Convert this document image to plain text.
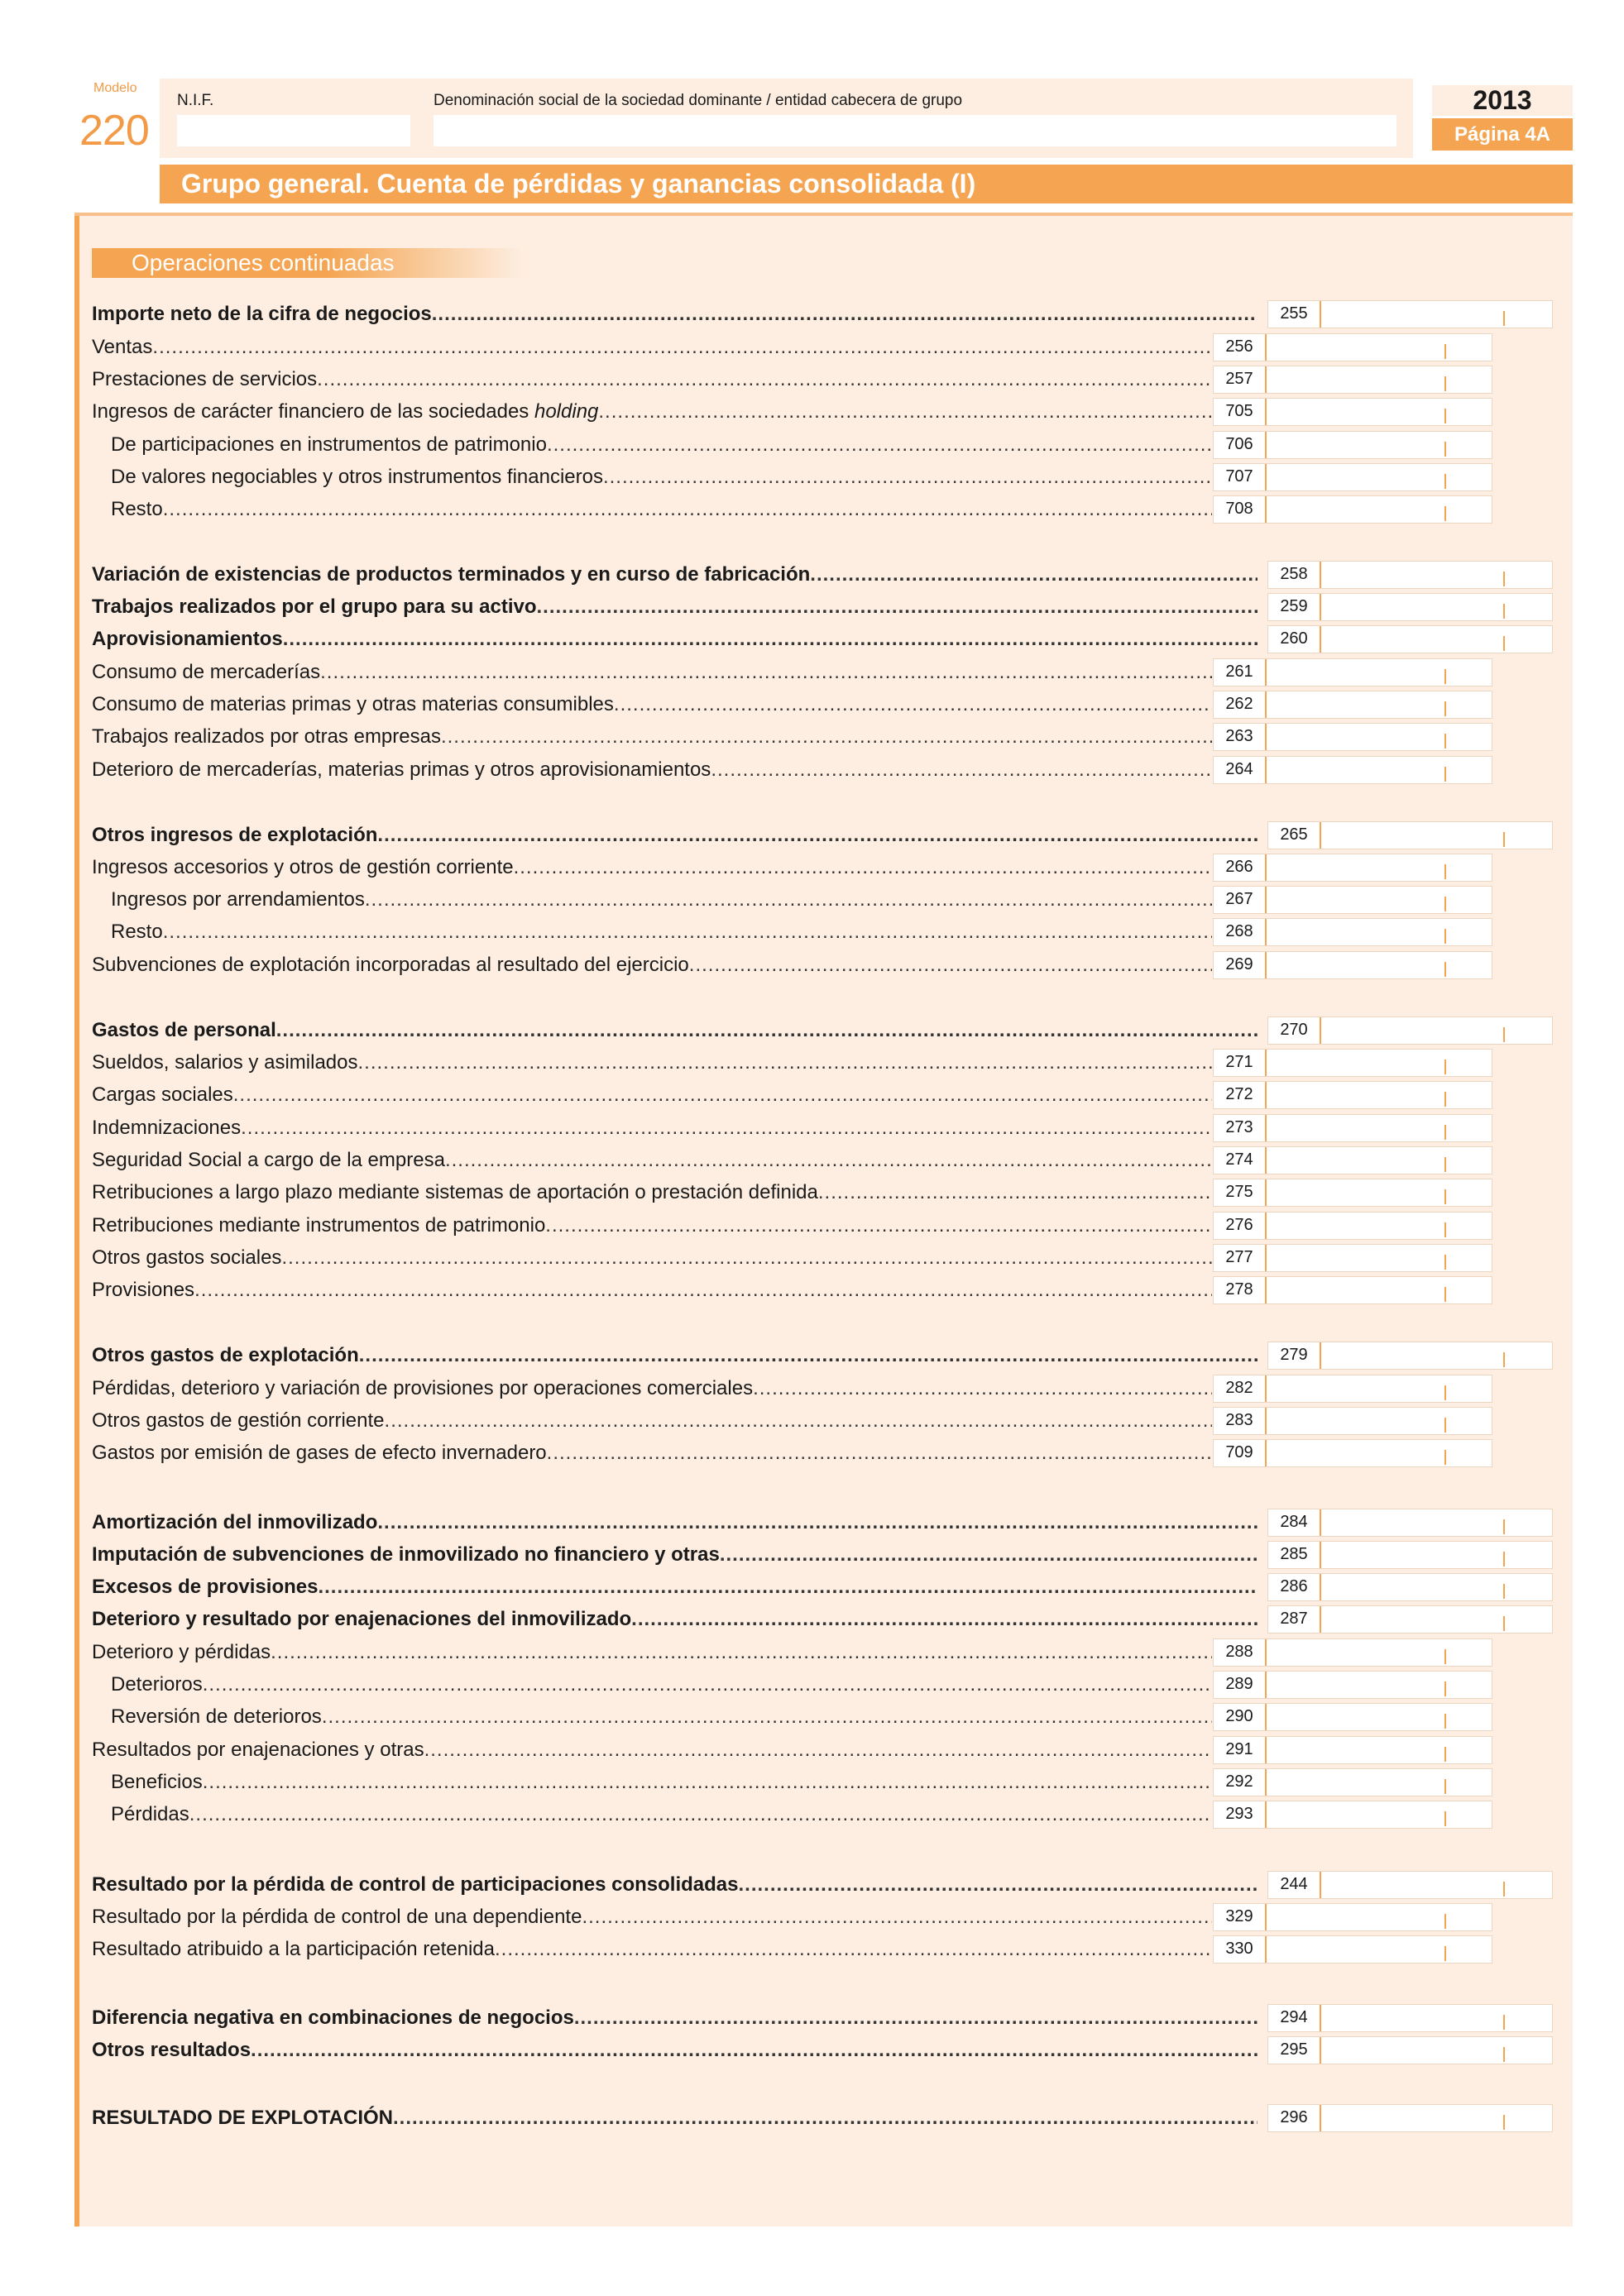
Modelo
220
N.I.F.	Denominación social de la sociedad dominante / entidad cabecera de grupo	2013
Página 4A
Grupo general. Cuenta de pérdidas y ganancias consolidada (I)
Operaciones continuadas
Importe neto de la cifra de negocios .....	255
Ventas .....	256
Prestaciones de servicios .....	257
Ingresos de carácter financiero de las sociedades holding .....	705
De participaciones en instrumentos de patrimonio .....	706
De valores negociables y otros instrumentos financieros .....	707
Resto .....	708
Variación de existencias de productos terminados y en curso de fabricación .....	258
Trabajos realizados por el grupo para su activo .....	259
Aprovisionamientos .....	260
Consumo de mercaderías .....	261
Consumo de materias primas y otras materias consumibles .....	262
Trabajos realizados por otras empresas .....	263
Deterioro de mercaderías, materias primas y otros aprovisionamientos .....	264
Otros ingresos de explotación .....	265
Ingresos accesorios y otros de gestión corriente .....	266
Ingresos por arrendamientos .....	267
Resto .....	268
Subvenciones de explotación incorporadas al resultado del ejercicio .....	269
Gastos de personal .....	270
Sueldos, salarios y asimilados .....	271
Cargas sociales .....	272
Indemnizaciones .....	273
Seguridad Social a cargo de la empresa .....	274
Retribuciones a largo plazo mediante sistemas de aportación o prestación definida .....	275
Retribuciones mediante instrumentos de patrimonio .....	276
Otros gastos sociales .....	277
Provisiones .....	278
Otros gastos de explotación .....	279
Pérdidas, deterioro y variación de provisiones por operaciones comerciales .....	282
Otros gastos de gestión corriente .....	283
Gastos por emisión de gases de efecto invernadero .....	709
Amortización del inmovilizado .....	284
Imputación de subvenciones de inmovilizado no financiero y otras .....	285
Excesos de provisiones .....	286
Deterioro y resultado por enajenaciones del inmovilizado .....	287
Deterioro y pérdidas .....	288
Deterioros .....	289
Reversión de deterioros .....	290
Resultados por enajenaciones y otras .....	291
Beneficios .....	292
Pérdidas .....	293
Resultado por la pérdida de control de participaciones consolidadas .....	244
Resultado por la pérdida de control de una dependiente .....	329
Resultado atribuido a la participación retenida .....	330
Diferencia negativa en combinaciones de negocios .....	294
Otros resultados .....	295
RESULTADO DE EXPLOTACIÓN .....	296
